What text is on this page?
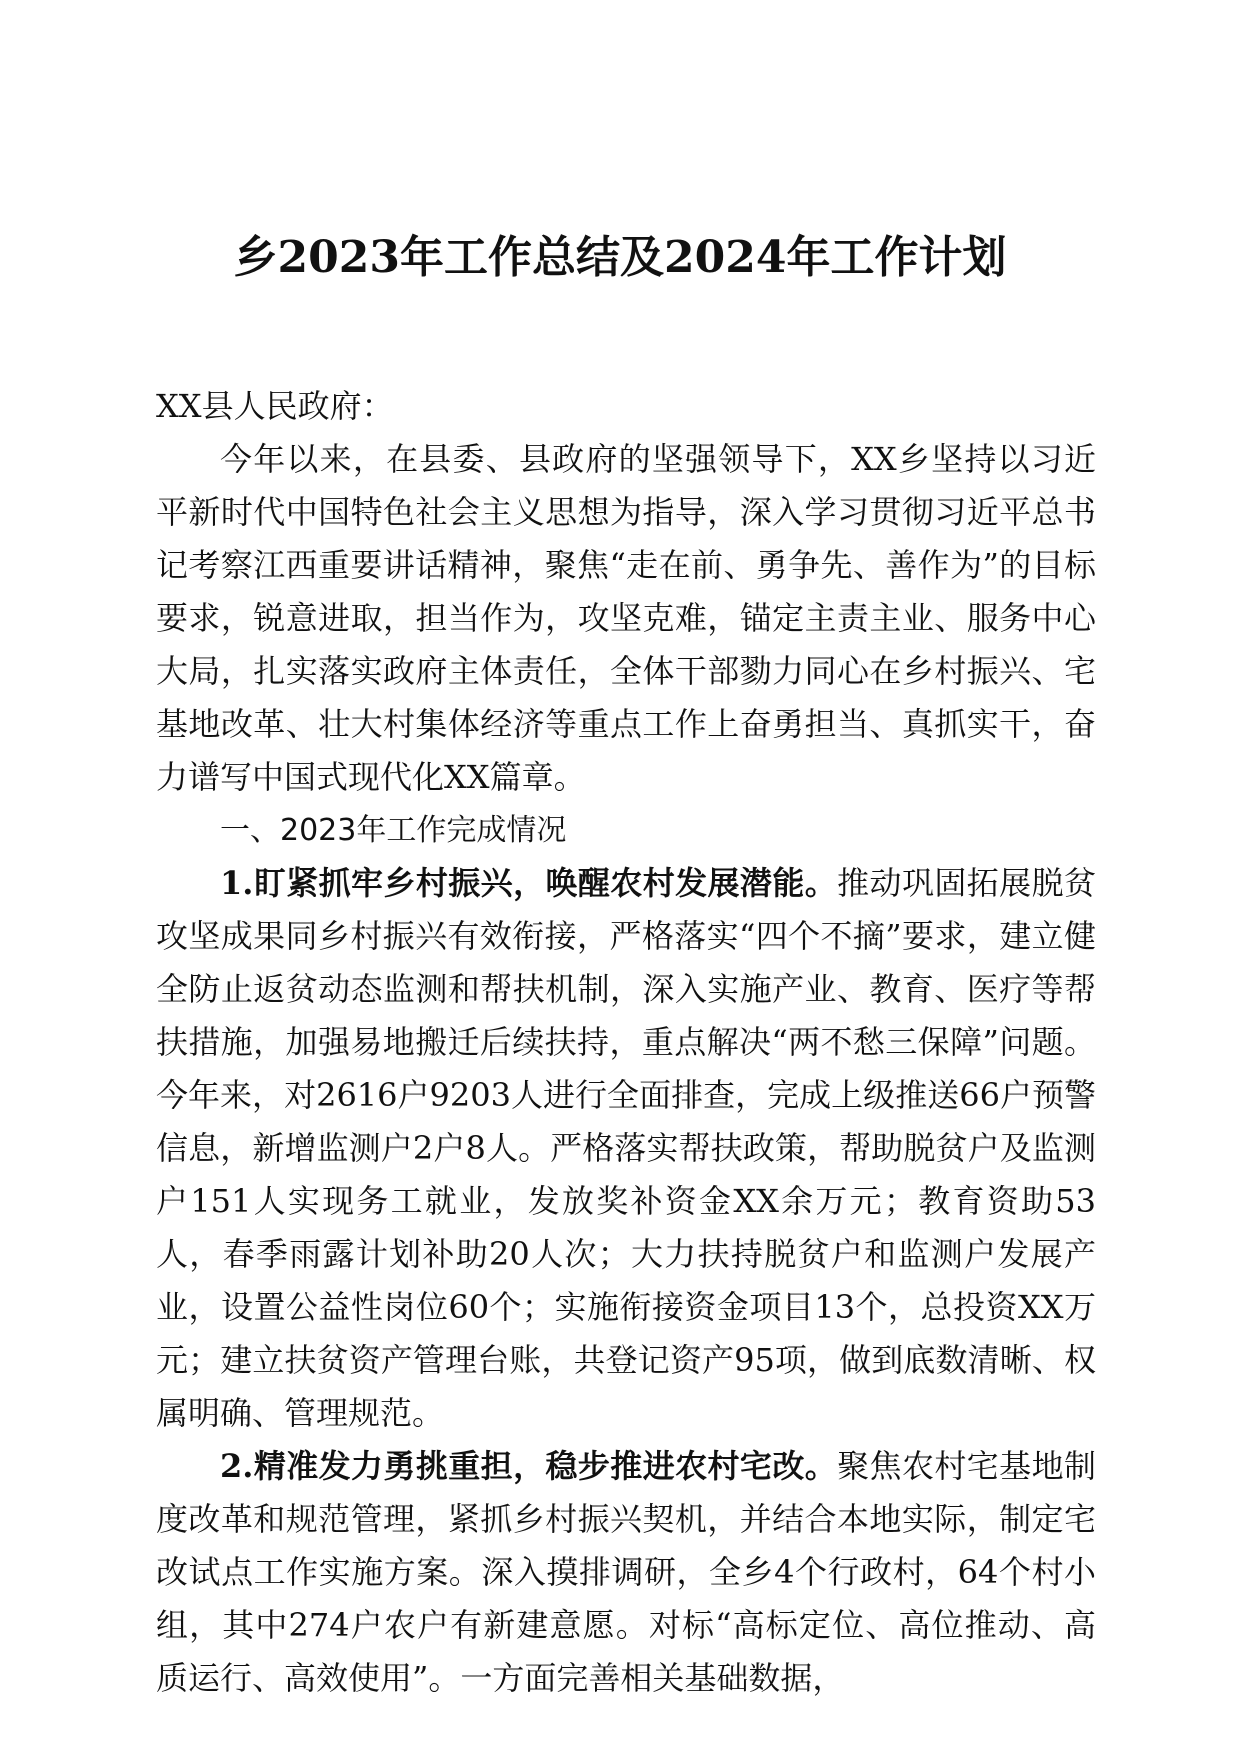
乡2023年工作总结及2024年工作计划

XX县人民政府：

今年以来，在县委、县政府的坚强领导下，XX乡坚持以习近平新时代中国特色社会主义思想为指导，深入学习贯彻习近平总书记考察江西重要讲话精神，聚焦“走在前、勇争先、善作为”的目标要求，锐意进取，担当作为，攻坚克难，锚定主责主业、服务中心大局，扎实落实政府主体责任，全体干部勠力同心在乡村振兴、宅基地改革、壮大村集体经济等重点工作上奋勇担当、真抓实干，奋力谱写中国式现代化XX篇章。

一、2023年工作完成情况

1.盯紧抓牢乡村振兴，唤醒农村发展潜能。推动巩固拓展脱贫攻坚成果同乡村振兴有效衔接，严格落实“四个不摘”要求，建立健全防止返贫动态监测和帮扶机制，深入实施产业、教育、医疗等帮扶措施，加强易地搬迁后续扶持，重点解决“两不愁三保障”问题。今年来，对2616户9203人进行全面排查，完成上级推送66户预警信息，新增监测户2户8人。严格落实帮扶政策，帮助脱贫户及监测户151人实现务工就业，发放奖补资金XX余万元；教育资助53人，春季雨露计划补助20人次；大力扶持脱贫户和监测户发展产业，设置公益性岗位60个；实施衔接资金项目13个，总投资XX万元；建立扶贫资产管理台账，共登记资产95项，做到底数清晰、权属明确、管理规范。

2.精准发力勇挑重担，稳步推进农村宅改。聚焦农村宅基地制度改革和规范管理，紧抓乡村振兴契机，并结合本地实际，制定宅改试点工作实施方案。深入摸排调研，全乡4个行政村，64个村小组，其中274户农户有新建意愿。对标“高标定位、高位推动、高质运行、高效使用”。一方面完善相关基础数据，
